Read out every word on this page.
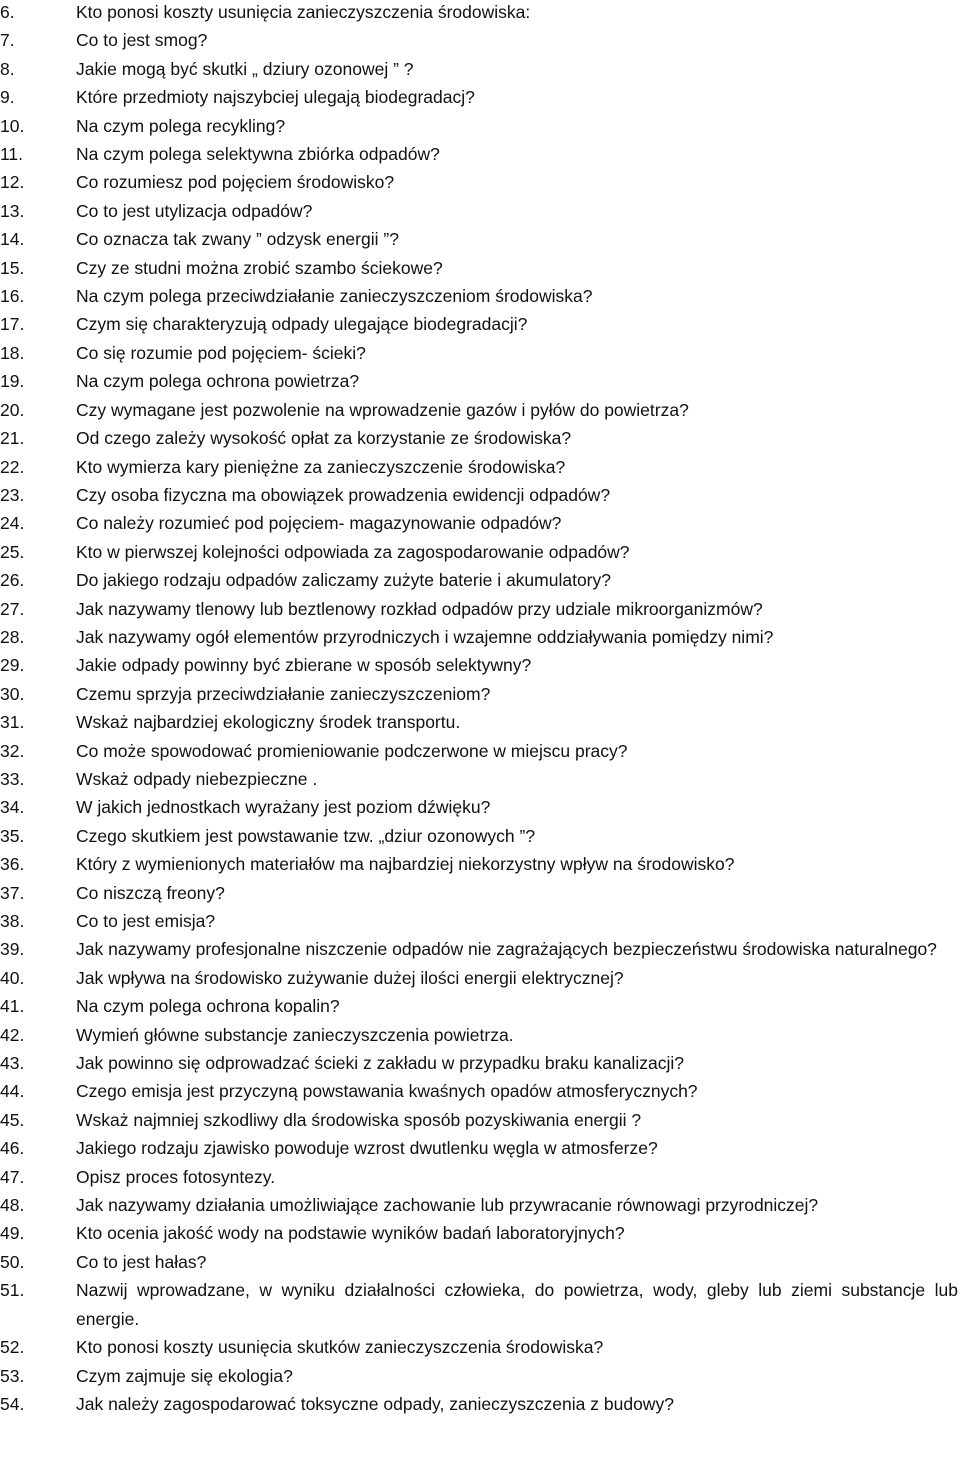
6.	Kto ponosi koszty usunięcia zanieczyszczenia środowiska:
7.	Co to jest smog?
8.	Jakie mogą być skutki „ dziury ozonowej ” ?
9.	Które przedmioty najszybciej ulegają biodegradacj?
10.	Na czym polega recykling?
11.	Na czym polega selektywna zbiórka odpadów?
12.	Co rozumiesz pod pojęciem środowisko?
13.	Co to jest utylizacja odpadów?
14.	Co oznacza tak zwany ” odzysk energii ”?
15.	Czy ze studni można zrobić szambo ściekowe?
16.	Na czym polega przeciwdziałanie zanieczyszczeniom środowiska?
17.	Czym się charakteryzują odpady ulegające biodegradacji?
18.	Co się rozumie pod pojęciem- ścieki?
19.	Na czym polega ochrona powietrza?
20.	Czy wymagane jest pozwolenie na wprowadzenie gazów i pyłów do powietrza?
21.	Od czego zależy wysokość opłat za korzystanie ze środowiska?
22.	Kto wymierza kary pieniężne za zanieczyszczenie środowiska?
23.	Czy osoba fizyczna ma obowiązek prowadzenia ewidencji odpadów?
24.	Co należy rozumieć pod pojęciem- magazynowanie odpadów?
25.	Kto w pierwszej kolejności odpowiada za zagospodarowanie odpadów?
26.	Do jakiego rodzaju odpadów zaliczamy zużyte baterie i akumulatory?
27.	Jak nazywamy tlenowy lub beztlenowy rozkład odpadów przy udziale mikroorganizmów?
28.	Jak nazywamy ogół elementów przyrodniczych i wzajemne oddziaływania pomiędzy nimi?
29.	Jakie odpady powinny być zbierane w sposób selektywny?
30.	Czemu sprzyja przeciwdziałanie zanieczyszczeniom?
31.	Wskaż najbardziej ekologiczny środek transportu.
32.	Co może spowodować promieniowanie podczerwone w miejscu pracy?
33.	Wskaż odpady niebezpieczne .
34.	W jakich jednostkach wyrażany jest poziom dźwięku?
35.	Czego skutkiem jest powstawanie tzw. „dziur ozonowych ”?
36.	Który z wymienionych materiałów ma najbardziej niekorzystny wpływ na środowisko?
37.	Co niszczą freony?
38.	Co to jest emisja?
39.	Jak nazywamy profesjonalne niszczenie odpadów nie zagrażających bezpieczeństwu środowiska naturalnego?
40.	Jak wpływa na środowisko zużywanie dużej ilości energii elektrycznej?
41.	Na czym polega ochrona kopalin?
42.	Wymień główne substancje zanieczyszczenia powietrza.
43.	Jak powinno się odprowadzać ścieki z zakładu w przypadku braku kanalizacji?
44.	Czego emisja jest przyczyną powstawania kwaśnych opadów atmosferycznych?
45.	Wskaż najmniej szkodliwy dla środowiska sposób pozyskiwania energii ?
46.	Jakiego rodzaju zjawisko powoduje wzrost dwutlenku węgla w atmosferze?
47.	Opisz proces fotosyntezy.
48.	Jak nazywamy działania umożliwiające zachowanie lub przywracanie równowagi przyrodniczej?
49.	Kto ocenia jakość wody na podstawie wyników badań laboratoryjnych?
50.	Co to jest hałas?
51.	Nazwij wprowadzane, w wyniku działalności człowieka, do powietrza, wody, gleby lub ziemi substancje lub energie.
52.	Kto ponosi koszty usunięcia skutków zanieczyszczenia środowiska?
53.	Czym zajmuje się ekologia?
54.	Jak należy zagospodarować toksyczne odpady, zanieczyszczenia z budowy?
